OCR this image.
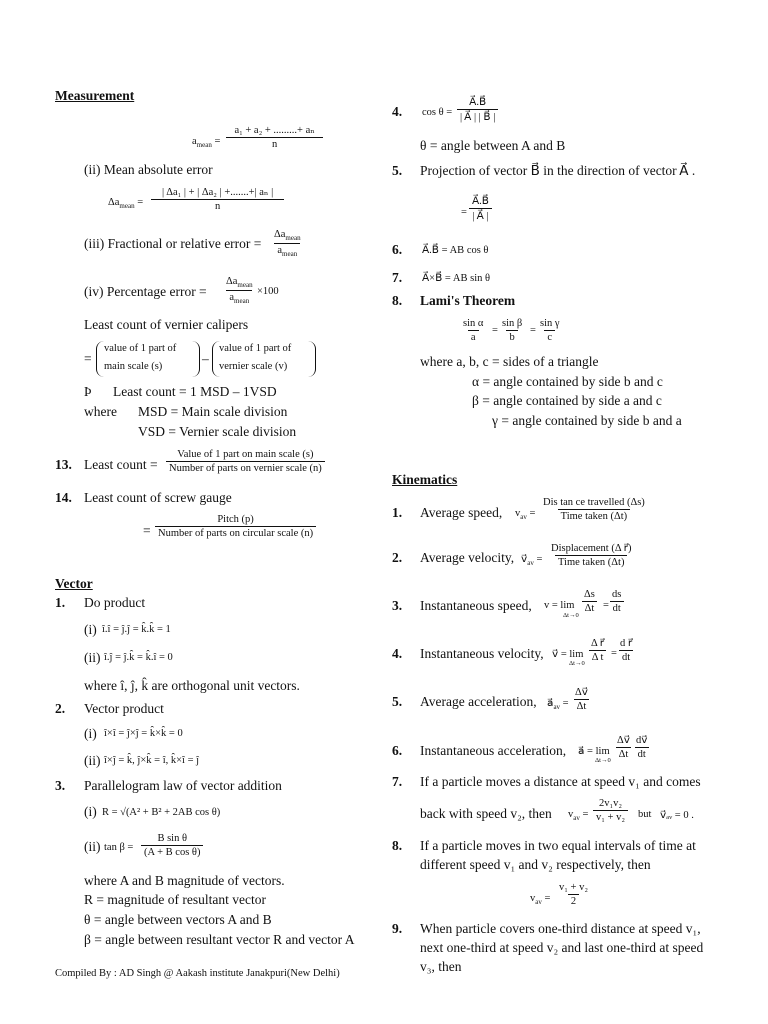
Measurement
$a_{mean} = \frac{\text{a₁ + a₂ + .........+ aₙ}}{n}$
(ii) Mean absolute error
$\Delta a_{mean} = \frac{\text{| Δa₁ | + | Δa₂ | +.......+| aₙ |}}{n}$
(iii) Fractional or relative error =
$\Delta a_{mean}$
$a_{mean}$
(iv) Percentage error =
$\Delta a_{mean}$
$a_{mean}$
×100
Least count of vernier calipers
=
value of 1 part of
main scale (s)
–
value of 1 part of
vernier scale (v)
Þ Least count = 1 MSD – 1VSD
where MSD = Main scale division
VSD = Vernier scale division
13. Least count =
Value of 1 part on main scale (s)
Number of parts on vernier scale (n)
14. Least count of screw gauge
=
Pitch (p)
Number of parts on circular scale (n)
Vector
1. Do product
(i) î.î = ĵ.ĵ = k̂.k̂ = 1
(ii) î.ĵ = ĵ.k̂ = k̂.î = 0
where î, ĵ, k̂ are orthogonal unit vectors.
2. Vector product
(i) î×î = ĵ×ĵ = k̂×k̂ = 0
(ii) î×ĵ = k̂, ĵ×k̂ = î, k̂×î = ĵ
3. Parallelogram law of vector addition
(i) R = √(A² + B² + 2AB cos θ)
(ii) $\tan \beta = \frac{\text{B sin θ}}{\text{(A + B cos θ)}}$
where A and B magnitude of vectors.
R = magnitude of resultant vector
θ = angle between vectors A and B
β = angle between resultant vector R and vector A
Compiled By : AD Singh @ Aakash institute Janakpuri(New Delhi)
4. $\cos \theta = \frac{A⃗.B⃗}{| A⃗ | | B⃗ |}$
θ = angle between A and B
5. Projection of vector B⃗ in the direction of vector A⃗ .
= $\frac{A⃗.B⃗}{| A⃗ |}$
6. A⃗.B⃗ = AB cos θ
7. A⃗×B⃗ = AB sin θ
8. Lami's Theorem
$\frac{\text{sin α}}{a} = \frac{\text{sin β}}{b} = \frac{\text{sin γ}}{c}$
where a, b, c = sides of a triangle
α = angle contained by side b and c
β = angle contained by side a and c
γ = angle contained by side b and a
Kinematics
1. Average speed, $v_{av}$ =
Dis tan ce travelled (Δs)
Time taken (Δt)
2. Average velocity, $v⃗_{av}$ =
Displacement (Δ r⃗)
Time taken (Δt)
3. Instantaneous speed, v = lim
Δt→0
$\frac{\Delta s}{\Delta t} = \frac{ds}{dt}$
4. Instantaneous velocity, v⃗ = lim
Δt→0
$\frac{\text{Δ r⃗}}{\text{Δ t}} = \frac{\text{d r⃗}}{dt}$
5. Average acceleration, $a⃗_{av} = \frac{\Delta v⃗}{\Delta t}$
6. Instantaneous acceleration, a⃗ = lim
Δt→0
$\frac{\Delta v⃗}{\Delta t} \frac{dv⃗}{dt}$
7. If a particle moves a distance at speed v₁ and comes
back with speed v₂, then $v_{av} = \frac{\text{2v₁v₂}}{\text{v₁ + v₂}}$ but v⃗ₐᵥ = 0 .
8. If a particle moves in two equal intervals of time at
different speed v₁ and v₂ respectively, then
$v_{av} = \frac{\text{v₁ + v₂}}{2}$
9. When particle covers one-third distance at speed v₁,
next one-third at speed v₂ and last one-third at speed
v₃, then
